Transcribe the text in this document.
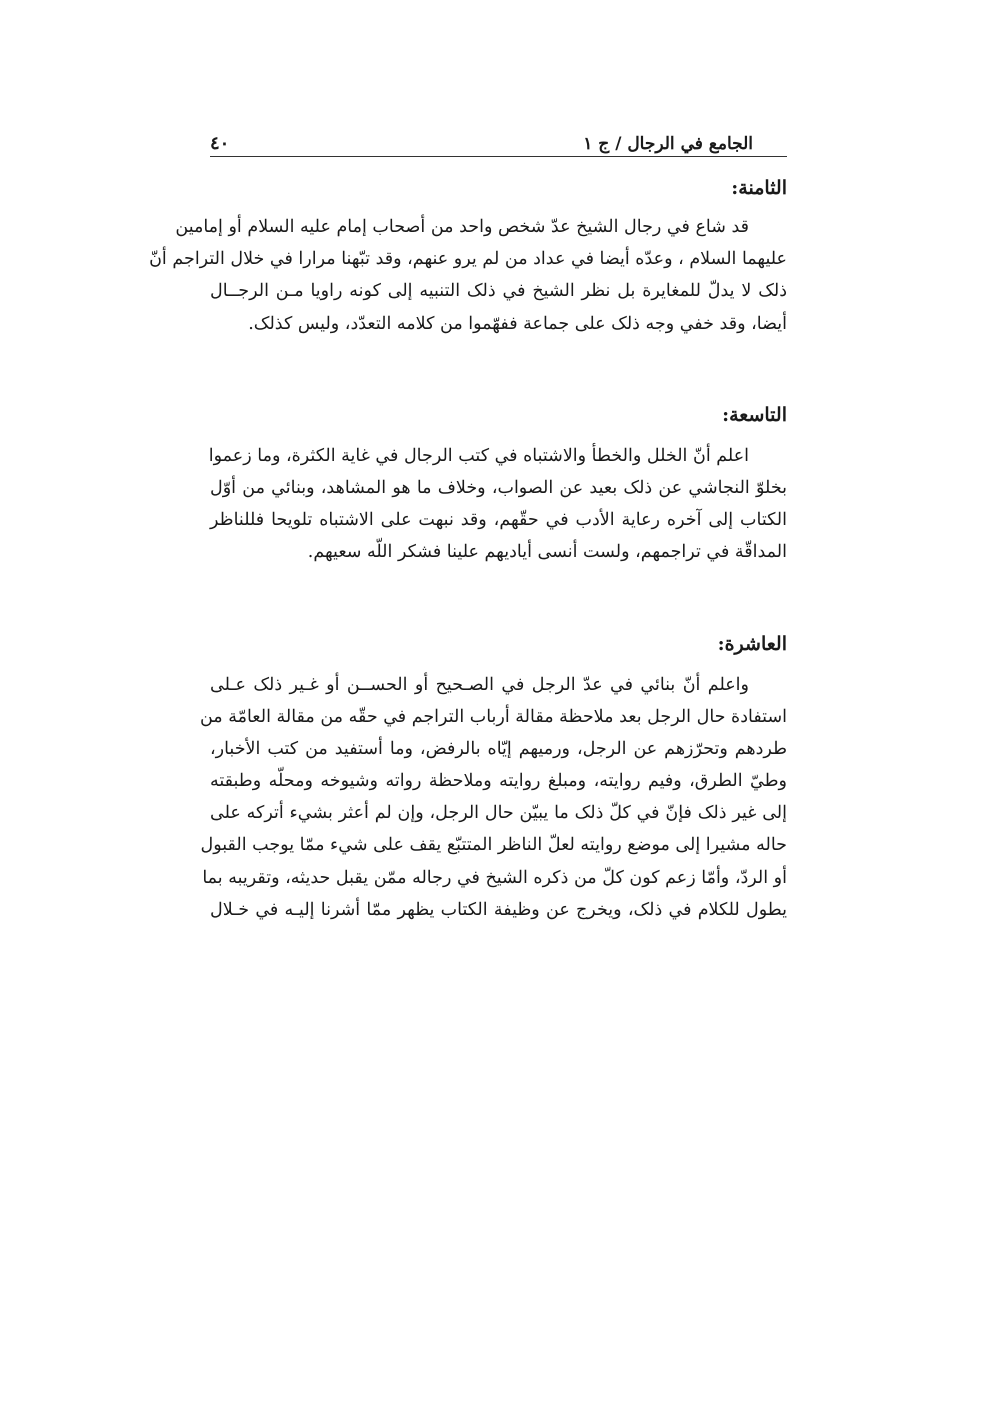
الجامع في الرجال / ج ١
٤٠
الثامنة:
قد شاع في رجال الشيخ عدّ شخص واحد من أصحاب إمام عليه السلام أو إمامين
عليهما السلام ، وعدّه أيضا في عداد من لم يرو عنهم، وقد تبّهنا مرارا في خلال التراجم أنّ
ذلک لا يدلّ للمغايرة بل نظر الشيخ في ذلک التنبيه إلى كونه راويا مـن الرجــال
أيضا، وقد خفي وجه ذلک على جماعة ففهّموا من كلامه التعدّد، وليس كذلک.
التاسعة:
اعلم أنّ الخلل والخطأ والاشتباه في كتب الرجال في غاية الكثرة، وما زعموا
بخلوّ النجاشي عن ذلک بعيد عن الصواب، وخلاف ما هو المشاهد، وبنائي من أوّل
الكتاب إلى آخره رعاية الأدب في حقّهم، وقد نبهت على الاشتباه تلويحا فللناظر
المداقّة في تراجمهم، ولست أنسى أياديهم علينا فشكر اللّه سعيهم.
العاشرة:
واعلم أنّ بنائي في عدّ الرجل في الصـحيح أو الحســن أو غـير ذلک عـلى
استفادة حال الرجل بعد ملاحظة مقالة أرباب التراجم في حقّه من مقالة العامّة من
طردهم وتحرّزهم عن الرجل، ورميهم إيّاه بالرفض، وما أستفيد من كتب الأخبار،
وطيّ الطرق، وفيم روايته، ومبلغ روايته وملاحظة رواته وشيوخه ومحلّه وطبقته
إلى غير ذلک فإنّ في كلّ ذلک ما يبيّن حال الرجل، وإن لم أعثر بشيء أتركه على
حاله مشيرا إلى موضع روايته لعلّ الناظر المتتبّع يقف على شيء ممّا يوجب القبول
أو الردّ، وأمّا زعم كون كلّ من ذكره الشيخ في رجاله ممّن يقبل حديثه، وتقريبه بما
يطول للكلام في ذلک، ويخرج عن وظيفة الكتاب يظهر ممّا أشرنا إليـه في خـلال
